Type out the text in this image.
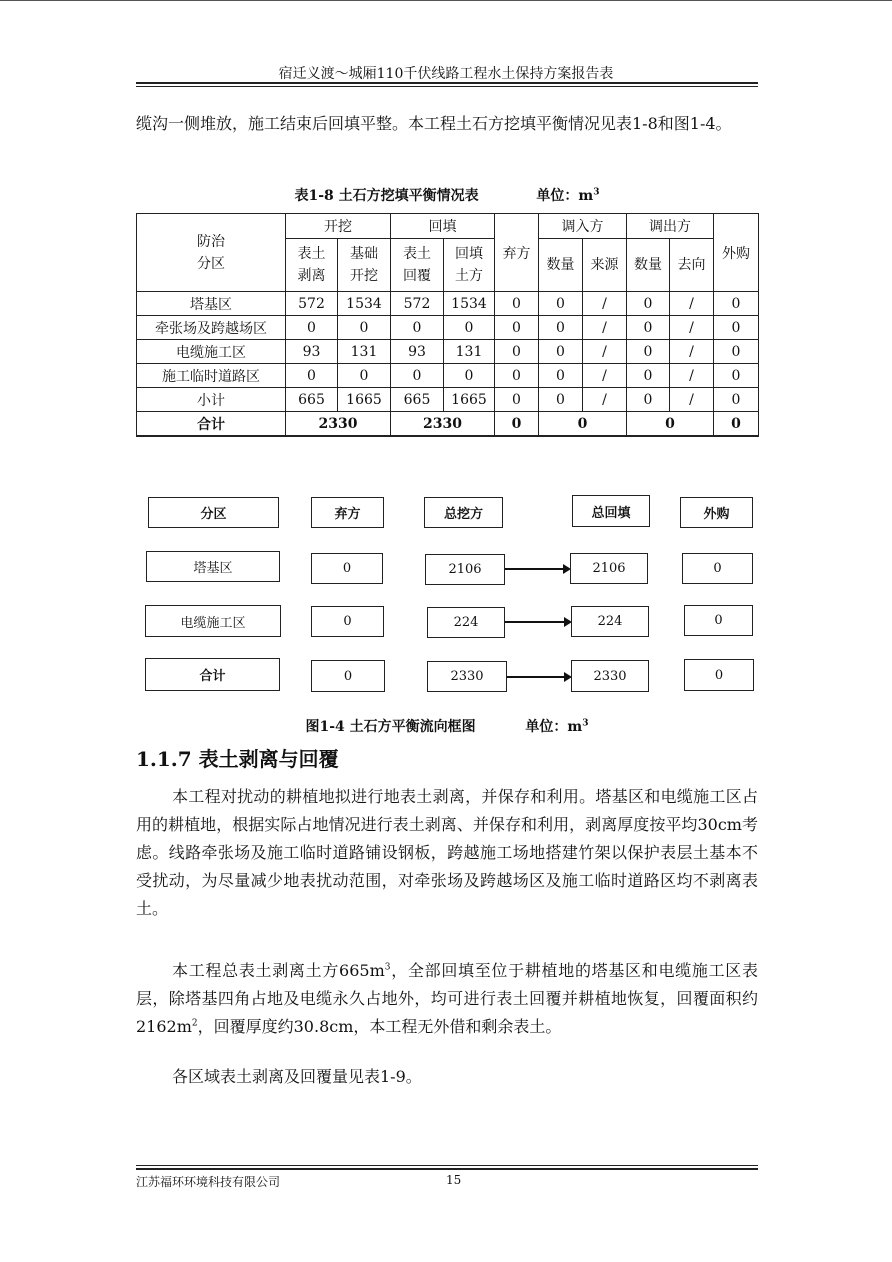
宿迁义渡～城厢110千伏线路工程水土保持方案报告表
缆沟一侧堆放，施工结束后回填平整。本工程土石方挖填平衡情况见表1-8和图1-4。
表1-8 土石方挖填平衡情况表	单位：$m^3$
防治分区	开挖		回填		弃方	调入方		调出方		外购
	表土剥离	基础开挖	表土回覆	回填土方		数量	来源	数量	去向	
塔基区	572	1534	572	1534	0	0	/	0	/	0
牵张场及跨越场区	0	0	0	0	0	0	/	0	/	0
电缆施工区	93	131	93	131	0	0	/	0	/	0
施工临时道路区	0	0	0	0	0	0	/	0	/	0
小计	665	1665	665	1665	0	0	/	0	/	0
合计	2330		2330		0	0		0		0
分区	弃方	总挖方	总回填	外购
塔基区	0	2106	2106	0
电缆施工区	0	224	224	0
合计	0	2330	2330	0
图1-4 土石方平衡流向框图	单位：$m^3$
1.1.7 表土剥离与回覆
本工程对扰动的耕植地拟进行地表土剥离，并保存和利用。塔基区和电缆施工区占用的耕植地，根据实际占地情况进行表土剥离、并保存和利用，剥离厚度按平均30cm考虑。线路牵张场及施工临时道路铺设钢板，跨越施工场地搭建竹架以保护表层土基本不受扰动，为尽量减少地表扰动范围，对牵张场及跨越场区及施工临时道路区均不剥离表土。
本工程总表土剥离土方$665m^3$，全部回填至位于耕植地的塔基区和电缆施工区表层，除塔基四角占地及电缆永久占地外，均可进行表土回覆并耕植地恢复，回覆面积约$2162m^2$，回覆厚度约30.8cm，本工程无外借和剩余表土。
各区域表土剥离及回覆量见表1-9。
江苏福环环境科技有限公司	15
